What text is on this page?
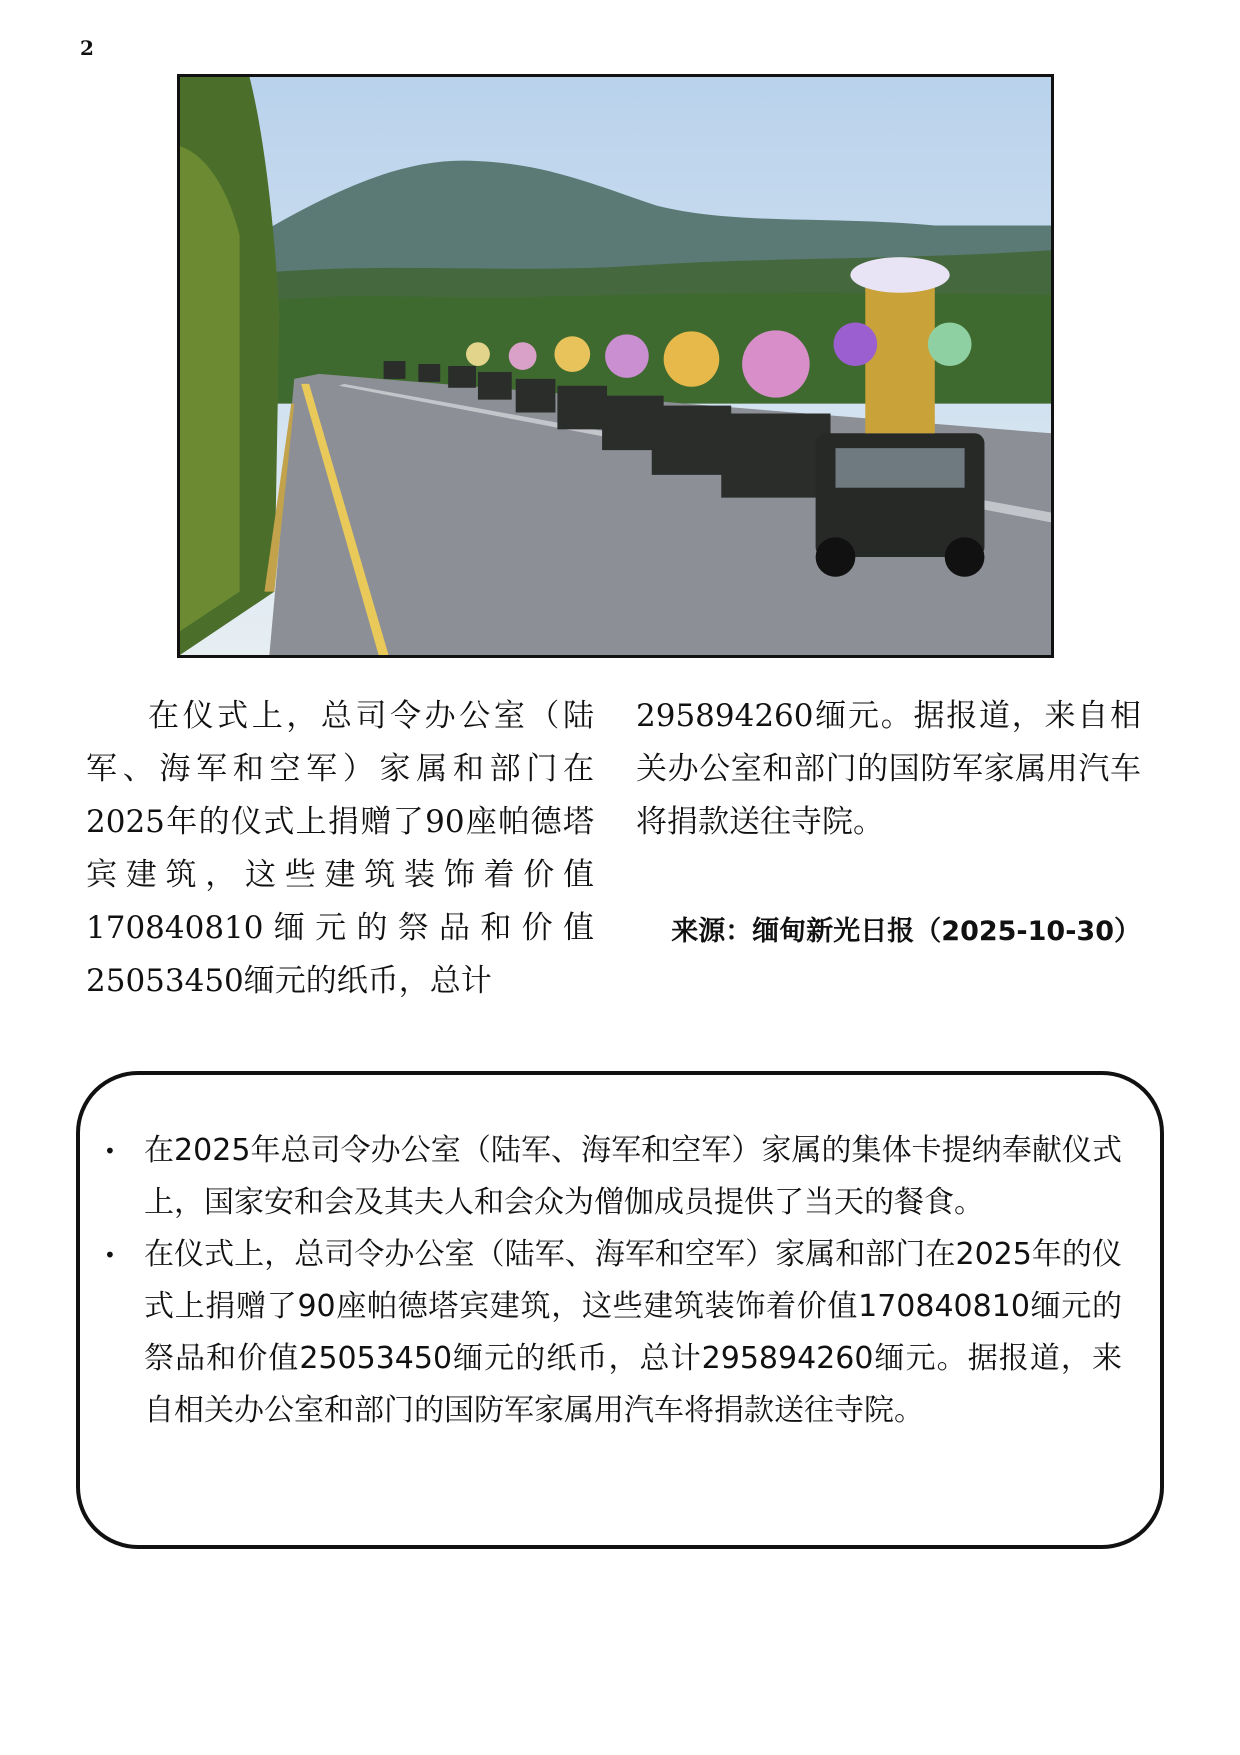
2
在仪式上，总司令办公室（陆军、海军和空军）家属和部门在2025年的仪式上捐赠了90座帕德塔宾建筑，这些建筑装饰着价值170840810缅元的祭品和价值25053450缅元的纸币，总计
295894260缅元。据报道，来自相关办公室和部门的国防军家属用汽车将捐款送往寺院。
来源：缅甸新光日报（2025-10-30）
• 在2025年总司令办公室（陆军、海军和空军）家属的集体卡提纳奉献仪式上，国家安和会及其夫人和会众为僧伽成员提供了当天的餐食。
• 在仪式上，总司令办公室（陆军、海军和空军）家属和部门在2025年的仪式上捐赠了90座帕德塔宾建筑，这些建筑装饰着价值170840810缅元的祭品和价值25053450缅元的纸币，总计295894260缅元。据报道，来自相关办公室和部门的国防军家属用汽车将捐款送往寺院。
